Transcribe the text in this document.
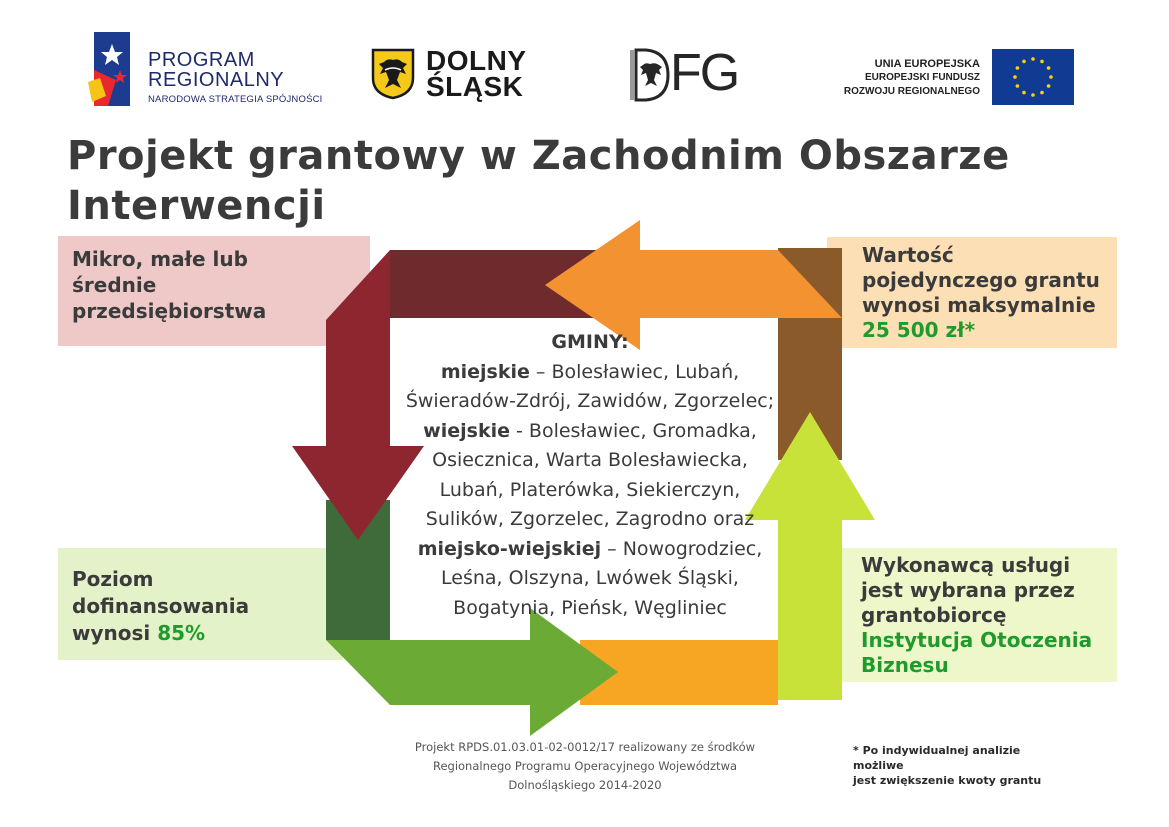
PROGRAM
REGIONALNY
NARODOWA STRATEGIA SPÓJNOŚCI
DOLNY
ŚLĄSK	FG	UNIA EUROPEJSKA
EUROPEJSKI FUNDUSZ
ROZWOJU REGIONALNEGO
Projekt grantowy w Zachodnim Obszarze
Interwencji
Mikro, małe lub
średnie
przedsiębiorstwa
Wartość
pojedynczego grantu
wynosi maksymalnie
25 500 zł*
Poziom
dofinansowania
wynosi 85%
Wykonawcą usługi
jest wybrana przez
grantobiorcę
Instytucja Otoczenia
Biznesu
GMINY:
miejskie – Bolesławiec, Lubań,
Świeradów-Zdrój, Zawidów, Zgorzelec;
wiejskie - Bolesławiec, Gromadka,
Osiecznica, Warta Bolesławiecka,
Lubań, Platerówka, Siekierczyn,
Sulików, Zgorzelec, Zagrodno oraz
miejsko-wiejskiej – Nowogrodziec,
Leśna, Olszyna, Lwówek Śląski,
Bogatynia, Pieńsk, Węgliniec
Projekt RPDS.01.03.01-02-0012/17 realizowany ze środków
Regionalnego Programu Operacyjnego Województwa
Dolnośląskiego 2014-2020
* Po indywidualnej analizie możliwe
jest zwiększenie kwoty grantu
